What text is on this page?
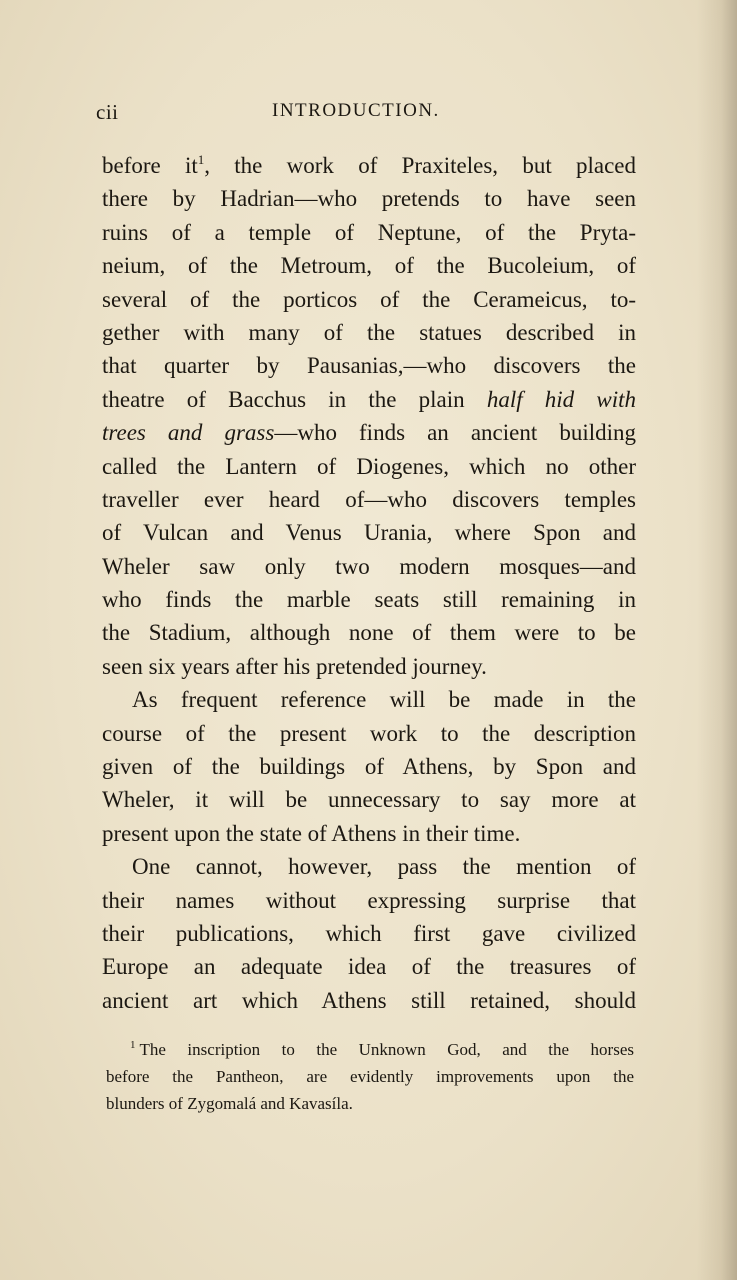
cii	INTRODUCTION.
before $it^1$, the work of Praxiteles, but placed
there by Hadrian—who pretends to have seen
ruins of a temple of Neptune, of the Pryta-
neium, of the Metroum, of the Bucoleium, of
several of the porticos of the Cerameicus, to-
gether with many of the statues described in
that quarter by Pausanias,—who discovers the
theatre of Bacchus in the plain half hid with
trees and grass—who finds an ancient building
called the Lantern of Diogenes, which no other
traveller ever heard of—who discovers temples
of Vulcan and Venus Urania, where Spon and
Wheler saw only two modern mosques—and
who finds the marble seats still remaining in
the Stadium, although none of them were to be
seen six years after his pretended journey.
As frequent reference will be made in the
course of the present work to the description
given of the buildings of Athens, by Spon and
Wheler, it will be unnecessary to say more at
present upon the state of Athens in their time.
One cannot, however, pass the mention of
their names without expressing surprise that
their publications, which first gave civilized
Europe an adequate idea of the treasures of
ancient art which Athens still retained, should
$^1$ The inscription to the Unknown God, and the horses
before the Pantheon, are evidently improvements upon the
blunders of Zygomalá and Kavasíla.
